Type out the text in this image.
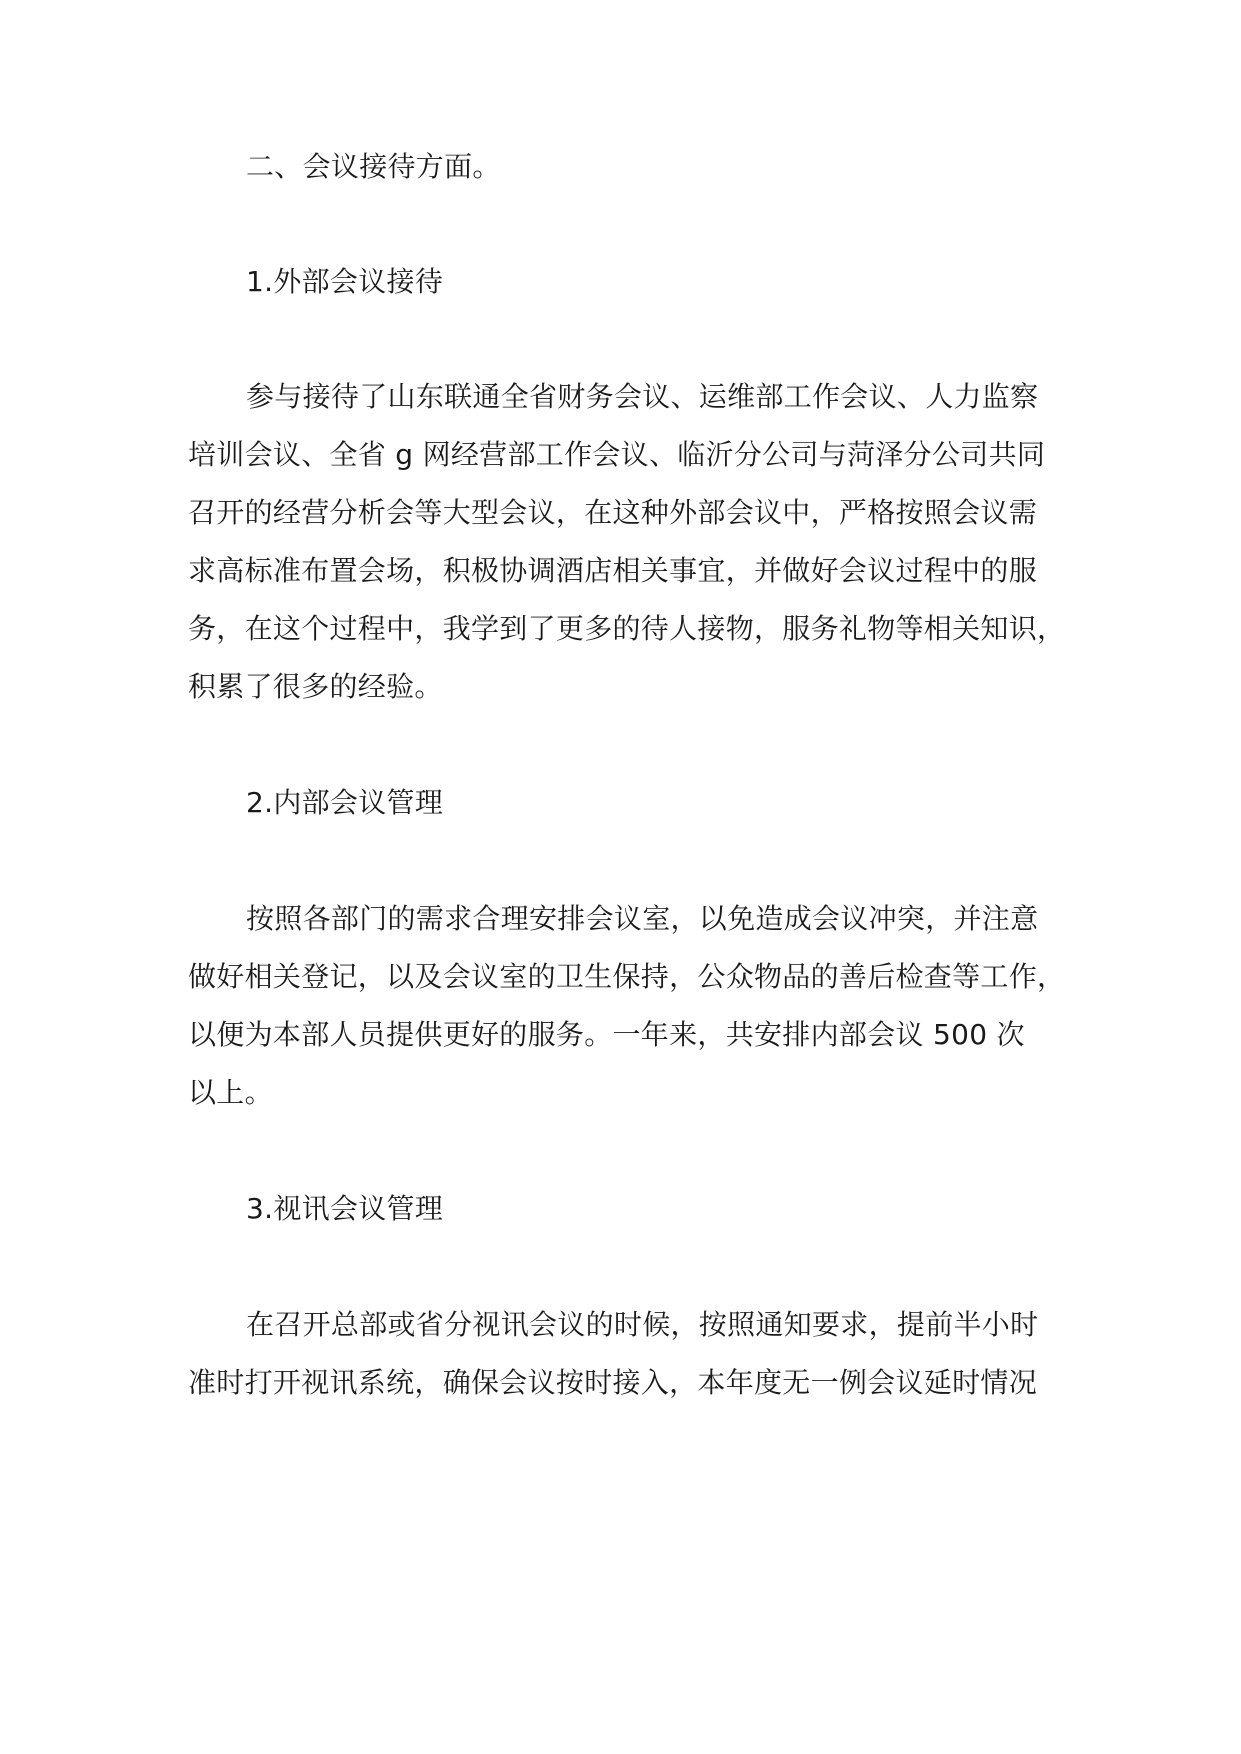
二、会议接待方面。
1.外部会议接待
参与接待了山东联通全省财务会议、运维部工作会议、人力监察
培训会议、全省 g 网经营部工作会议、临沂分公司与菏泽分公司共同
召开的经营分析会等大型会议，在这种外部会议中，严格按照会议需
求高标准布置会场，积极协调酒店相关事宜，并做好会议过程中的服
务，在这个过程中，我学到了更多的待人接物，服务礼物等相关知识，
积累了很多的经验。
2.内部会议管理
按照各部门的需求合理安排会议室，以免造成会议冲突，并注意
做好相关登记，以及会议室的卫生保持，公众物品的善后检查等工作，
以便为本部人员提供更好的服务。一年来，共安排内部会议 500 次
以上。
3.视讯会议管理
在召开总部或省分视讯会议的时候，按照通知要求，提前半小时
准时打开视讯系统，确保会议按时接入，本年度无一例会议延时情况
